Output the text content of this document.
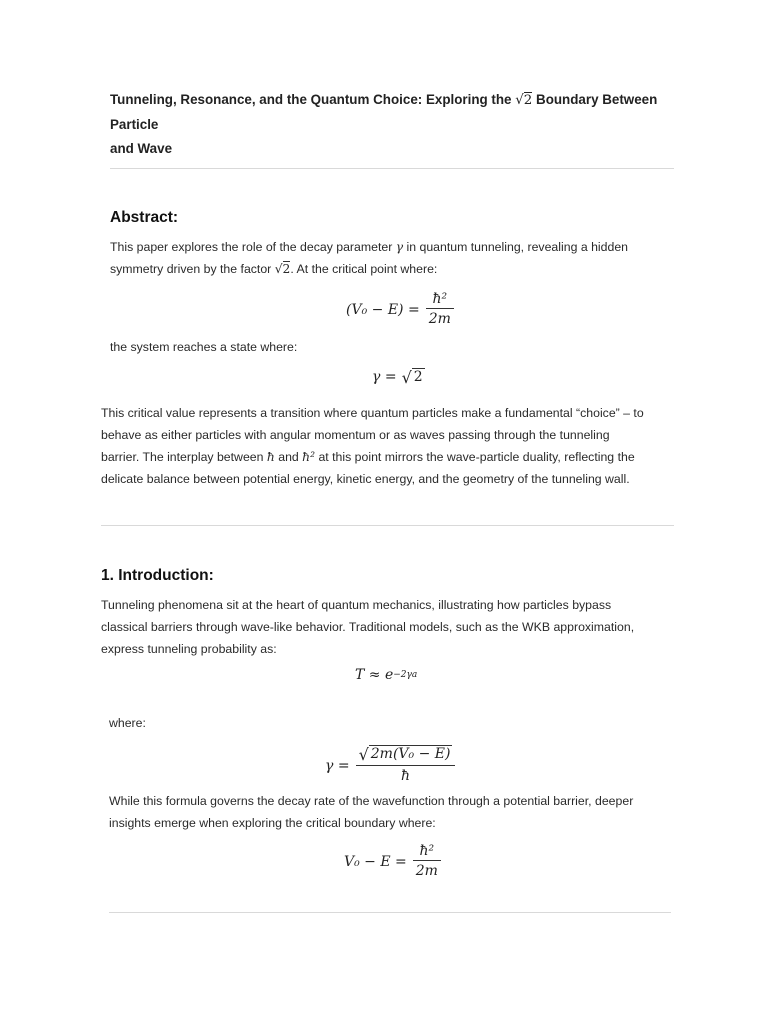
Tunneling, Resonance, and the Quantum Choice: Exploring the √2 Boundary Between Particle
and Wave
Abstract:
This paper explores the role of the decay parameter γ in quantum tunneling, revealing a hidden
symmetry driven by the factor √2. At the critical point where:
$(V_0 - E) = \frac{\text{ħ²}}{2m}$
the system reaches a state where:
γ = √ 2
This critical value represents a transition where quantum particles make a fundamental “choice” – to
behave as either particles with angular momentum or as waves passing through the tunneling
barrier. The interplay between ħ and ħ² at this point mirrors the wave-particle duality, reflecting the
delicate balance between potential energy, kinetic energy, and the geometry of the tunneling wall.
1. Introduction:
Tunneling phenomena sit at the heart of quantum mechanics, illustrating how particles bypass
classical barriers through wave-like behavior. Traditional models, such as the WKB approximation,
express tunneling probability as:
T ≈ e −2γa
where:
$\gamma = \frac{\text{√ 2m(V₀ − E)}}{ħ}$
While this formula governs the decay rate of the wavefunction through a potential barrier, deeper
insights emerge when exploring the critical boundary where:
$V_0 - E = \frac{\text{ħ²}}{2m}$
